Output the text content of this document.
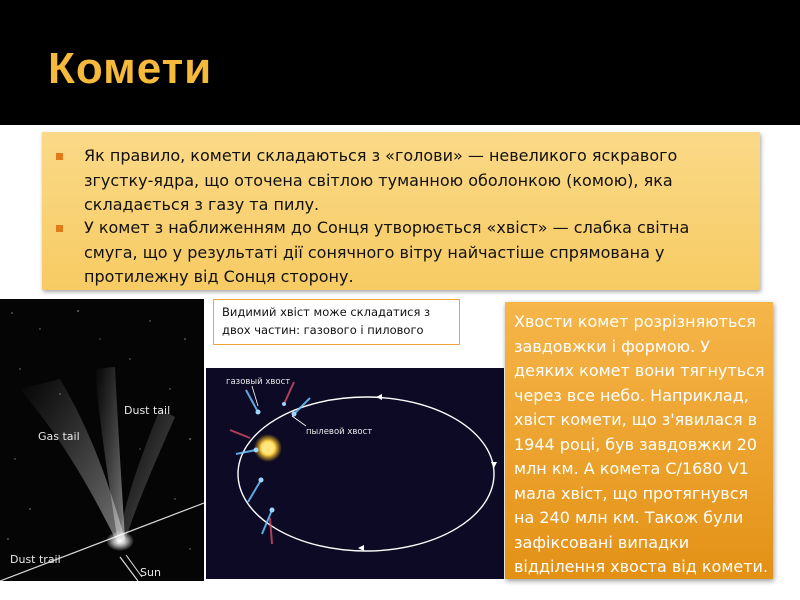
Комети
Як правило, комети складаються з «голови» — невеликого яскравого згустку-ядра, що оточена світлою туманною оболонкою (комою), яка складається з газу та пилу.
У комет з наближенням до Сонця утворюється «хвіст» — слабка світна смуга, що у результаті дії сонячного вітру найчастіше спрямована у протилежну від Сонця сторону.
Dust tail
Gas tail
Dust trail
Sun
Видимий хвіст може складатися з двох частин: газового і пилового
газовый хвост
пылевой хвост
Хвости комет розрізняються завдовжки і формою. У деяких комет вони тягнуться через все небо. Наприклад, хвіст комети, що з'явилася в 1944 році, був завдовжки 20 млн км. А комета C/1680 V1 мала хвіст, що протягнувся на 240 млн км. Також були зафіксовані випадки відділення хвоста від комети.
